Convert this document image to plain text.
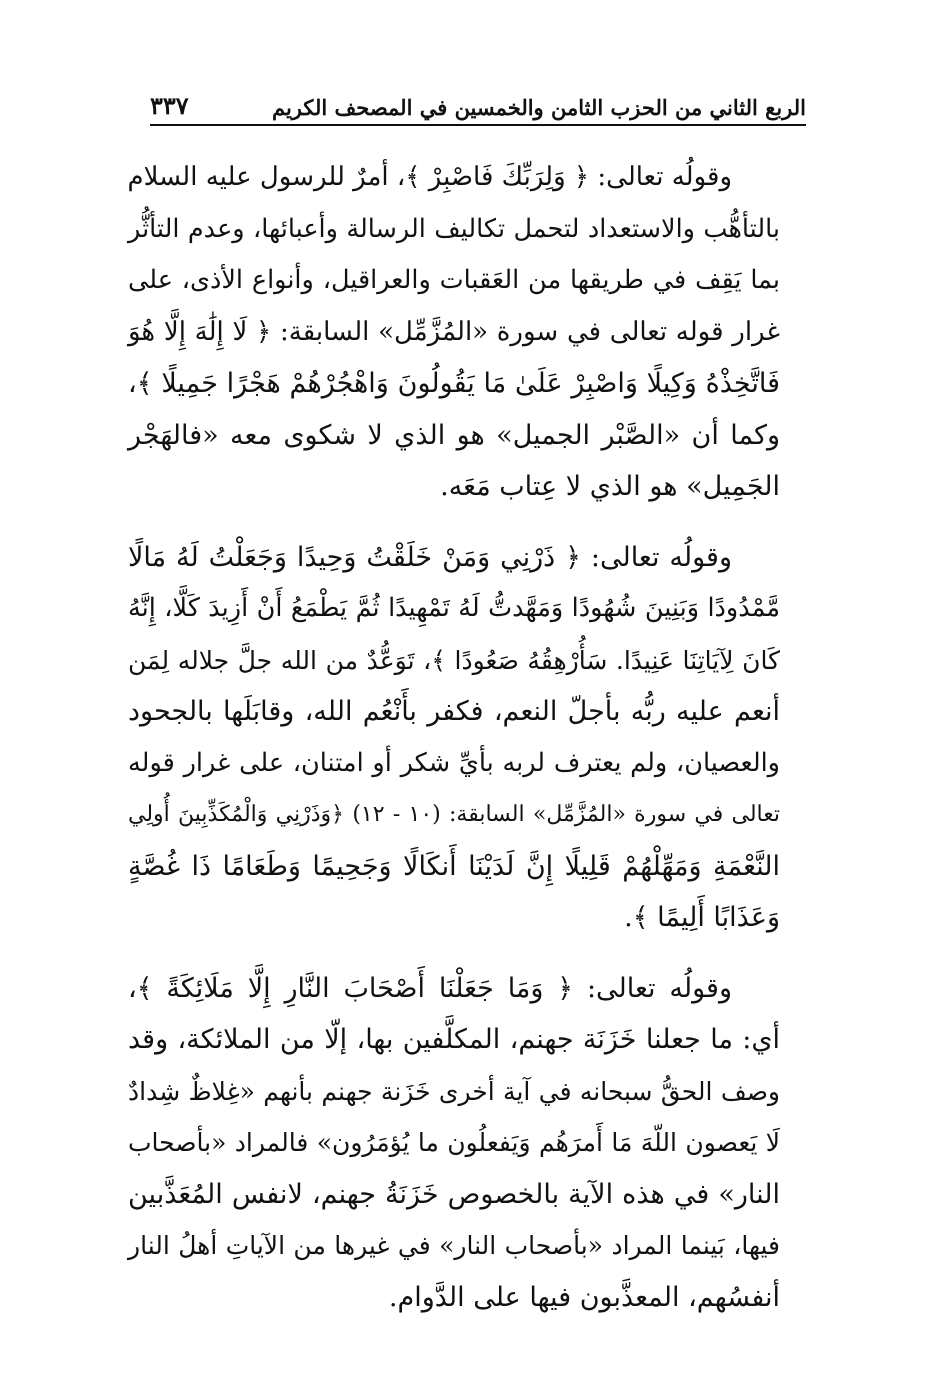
الربع الثاني من الحزب الثامن والخمسين في المصحف الكريم
٣٣٧
وقولُه تعالى: ﴿ وَلِرَبِّكَ فَاصْبِرْ ﴾، أمرٌ للرسول عليه السلام
بالتأهُّب والاستعداد لتحمل تكاليف الرسالة وأعبائها، وعدم التأثُّر
بما يَقِف في طريقها من العَقبات والعراقيل، وأنواع الأذى، على
غرار قوله تعالى في سورة «المُزَّمِّل» السابقة: ﴿ لَا إِلَٰهَ إِلَّا هُوَ
فَاتَّخِذْهُ وَكِيلًا وَاصْبِرْ عَلَىٰ مَا يَقُولُونَ وَاهْجُرْهُمْ هَجْرًا جَمِيلًا ﴾،
وكما أن «الصَّبْر الجميل» هو الذي لا شكوى معه «فالهَجْر
الجَمِيل» هو الذي لا عِتاب مَعَه.
وقولُه تعالى: ﴿ ذَرْنِي وَمَنْ خَلَقْتُ وَحِيدًا وَجَعَلْتُ لَهُ مَالًا
مَّمْدُودًا وَبَنِينَ شُهُودًا وَمَهَّدتُّ لَهُ تَمْهِيدًا ثُمَّ يَطْمَعُ أَنْ أَزِيدَ كَلَّا، إِنَّهُ
كَانَ لِآيَاتِنَا عَنِيدًا. سَأُرْهِقُهُ صَعُودًا ﴾، تَوَعُّدٌ من الله جلَّ جلاله لِمَن
أنعم عليه ربُّه بأجلّ النعم، فكفر بأَنْعُم الله، وقابَلَها بالجحود
والعصيان، ولم يعترف لربه بأيِّ شكر أو امتنان، على غرار قوله
تعالى في سورة «المُزَّمِّل» السابقة: (١٠ - ١٢) ﴿وَذَرْنِي وَالْمُكَذِّبِينَ أُولِي
النَّعْمَةِ وَمَهِّلْهُمْ قَلِيلًا إِنَّ لَدَيْنَا أَنكَالًا وَجَحِيمًا وَطَعَامًا ذَا غُصَّةٍ
وَعَذَابًا أَلِيمًا ﴾.
وقولُه تعالى: ﴿ وَمَا جَعَلْنَا أَصْحَابَ النَّارِ إِلَّا مَلَائِكَةً ﴾،
أي: ما جعلنا خَزَنَة جهنم، المكلَّفين بها، إلّا من الملائكة، وقد
وصف الحقُّ سبحانه في آية أخرى خَزَنة جهنم بأنهم «غِلاظٌ شِدادٌ
لَا يَعصون اللّهَ مَا أَمرَهُم وَيَفعلُون ما يُؤمَرُون» فالمراد «بأصحاب
النار» في هذه الآية بالخصوص خَزَنَةُ جهنم، لانفس المُعَذَّبين
فيها، بَينما المراد «بأصحاب النار» في غيرها من الآياتِ أهلُ النار
أنفسُهم، المعذَّبون فيها على الدَّوام.
